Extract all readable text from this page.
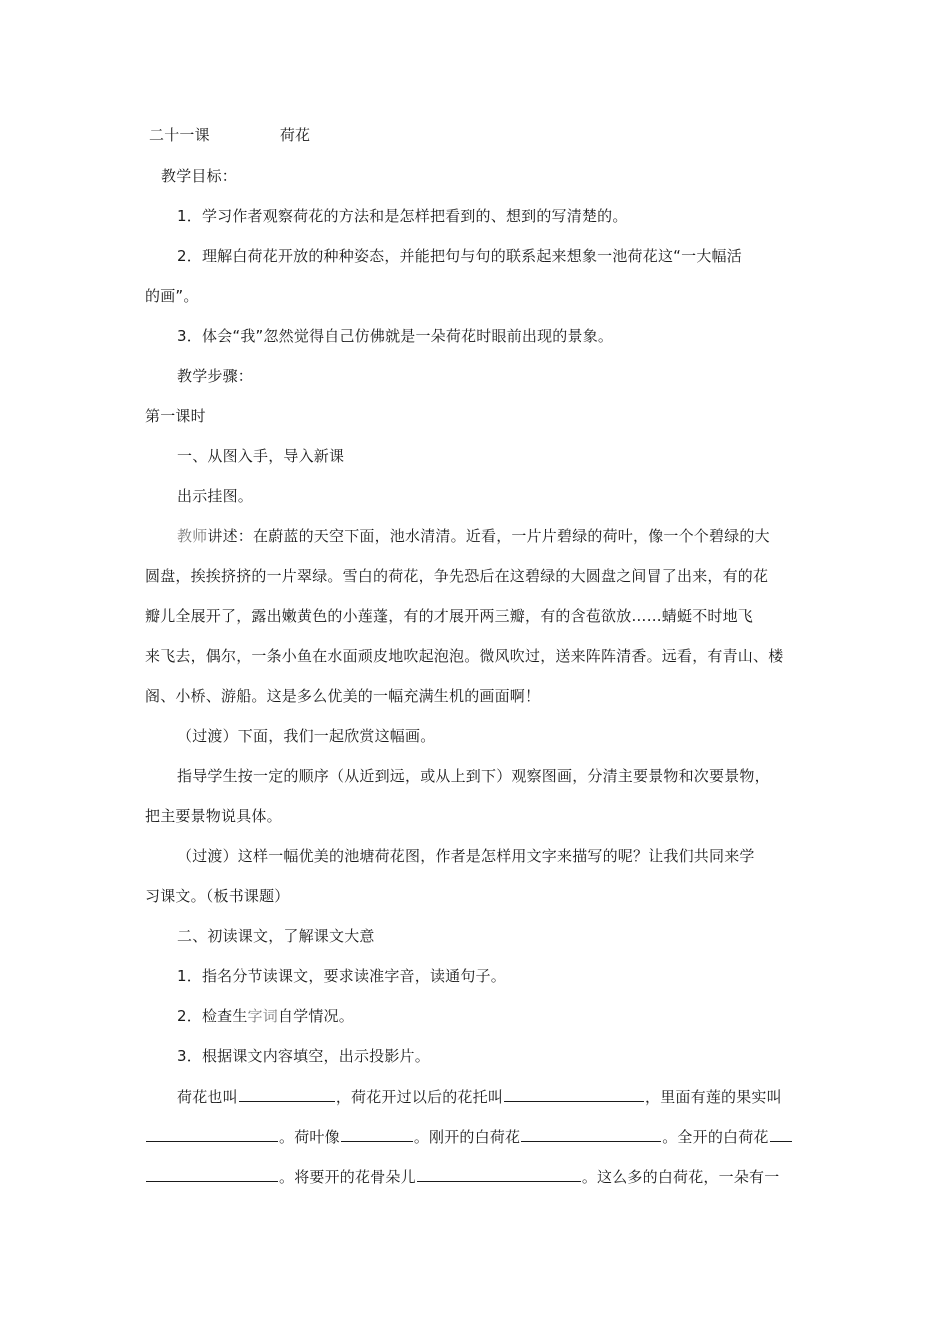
二十一课	荷花
教学目标：
1．学习作者观察荷花的方法和是怎样把看到的、想到的写清楚的。
2．理解白荷花开放的种种姿态，并能把句与句的联系起来想象一池荷花这“一大幅活
的画”。
3．体会“我”忽然觉得自己仿佛就是一朵荷花时眼前出现的景象。
教学步骤：
第一课时
一、从图入手，导入新课
出示挂图。
教师讲述：在蔚蓝的天空下面，池水清清。近看，一片片碧绿的荷叶，像一个个碧绿的大
圆盘，挨挨挤挤的一片翠绿。雪白的荷花，争先恐后在这碧绿的大圆盘之间冒了出来，有的花
瓣儿全展开了，露出嫩黄色的小莲蓬，有的才展开两三瓣，有的含苞欲放……蜻蜓不时地飞
来飞去，偶尔，一条小鱼在水面顽皮地吹起泡泡。微风吹过，送来阵阵清香。远看，有青山、楼
阁、小桥、游船。这是多么优美的一幅充满生机的画面啊！
（过渡）下面，我们一起欣赏这幅画。
指导学生按一定的顺序（从近到远，或从上到下）观察图画，分清主要景物和次要景物，
把主要景物说具体。
（过渡）这样一幅优美的池塘荷花图，作者是怎样用文字来描写的呢？让我们共同来学
习课文。（板书课题）
二、初读课文，了解课文大意
1．指名分节读课文，要求读准字音，读通句子。
2．检查生字词自学情况。
3．根据课文内容填空，出示投影片。
荷花也叫	，荷花开过以后的花托叫	，里面有莲的果实叫
。荷叶像	。刚开的白荷花	。全开的白荷花
。将要开的花骨朵儿	。这么多的白荷花，一朵有一
